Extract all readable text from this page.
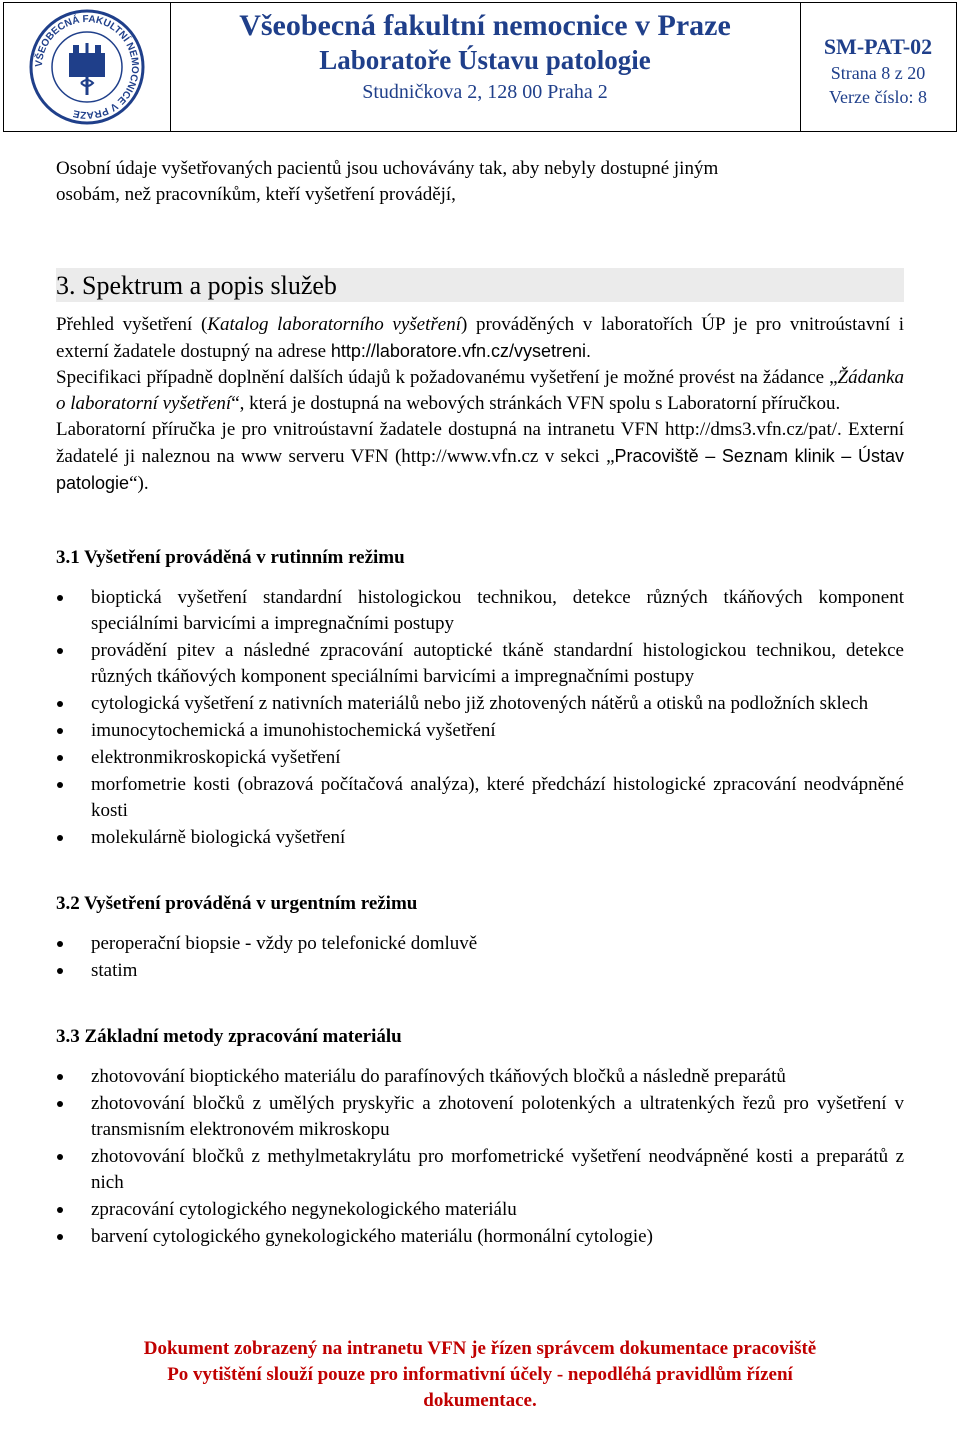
VŠEOBECNÁ FAKULTNÍ NEMOCNICE V PRAZE
Všeobecná fakultní nemocnice v Praze
Laboratoře Ústavu patologie
Studničkova 2, 128 00 Praha 2
SM-PAT-02
Strana 8 z 20
Verze číslo: 8

Osobní údaje vyšetřovaných pacientů jsou uchovávány tak, aby nebyly dostupné jiným
osobám, než pracovníkům, kteří vyšetření provádějí,

3. Spektrum a popis služeb

Přehled vyšetření (Katalog laboratorního vyšetření) prováděných v laboratořích ÚP je pro vnitroústavní i externí žadatele dostupný na adrese http://laboratore.vfn.cz/vysetreni.

Specifikaci případně doplnění dalších údajů k požadovanému vyšetření je možné provést na žádance „Žádanka o laboratorní vyšetření“, která je dostupná na webových stránkách VFN spolu s Laboratorní příručkou.

Laboratorní příručka je pro vnitroústavní žadatele dostupná na intranetu VFN http://dms3.vfn.cz/pat/. Externí žadatelé ji naleznou na www serveru VFN (http://www.vfn.cz v sekci „Pracoviště – Seznam klinik – Ústav patologie“).

3.1 Vyšetření prováděná v rutinním režimu
bioptická vyšetření standardní histologickou technikou, detekce různých tkáňových komponent speciálními barvicími a impregnačními postupy
provádění pitev a následné zpracování autoptické tkáně standardní histologickou technikou, detekce různých tkáňových komponent speciálními barvicími a impregnačními postupy
cytologická vyšetření z nativních materiálů nebo již zhotovených nátěrů a otisků na podložních sklech
imunocytochemická a imunohistochemická vyšetření
elektronmikroskopická vyšetření
morfometrie kosti (obrazová počítačová analýza), které předchází histologické zpracování neodvápněné kosti
molekulárně biologická vyšetření
3.2 Vyšetření prováděná v urgentním režimu
peroperační biopsie - vždy po telefonické domluvě
statim
3.3 Základní metody zpracování materiálu
zhotovování bioptického materiálu do parafínových tkáňových bločků a následně preparátů
zhotovování bločků z umělých pryskyřic a zhotovení polotenkých a ultratenkých řezů pro vyšetření v transmisním elektronovém mikroskopu
zhotovování bločků z methylmetakrylátu pro morfometrické vyšetření neodvápněné kosti a preparátů z nich
zpracování cytologického negynekologického materiálu
barvení cytologického gynekologického materiálu (hormonální cytologie)
Dokument zobrazený na intranetu VFN je řízen správcem dokumentace pracoviště
Po vytištění slouží pouze pro informativní účely - nepodléhá pravidlům řízení
dokumentace.
